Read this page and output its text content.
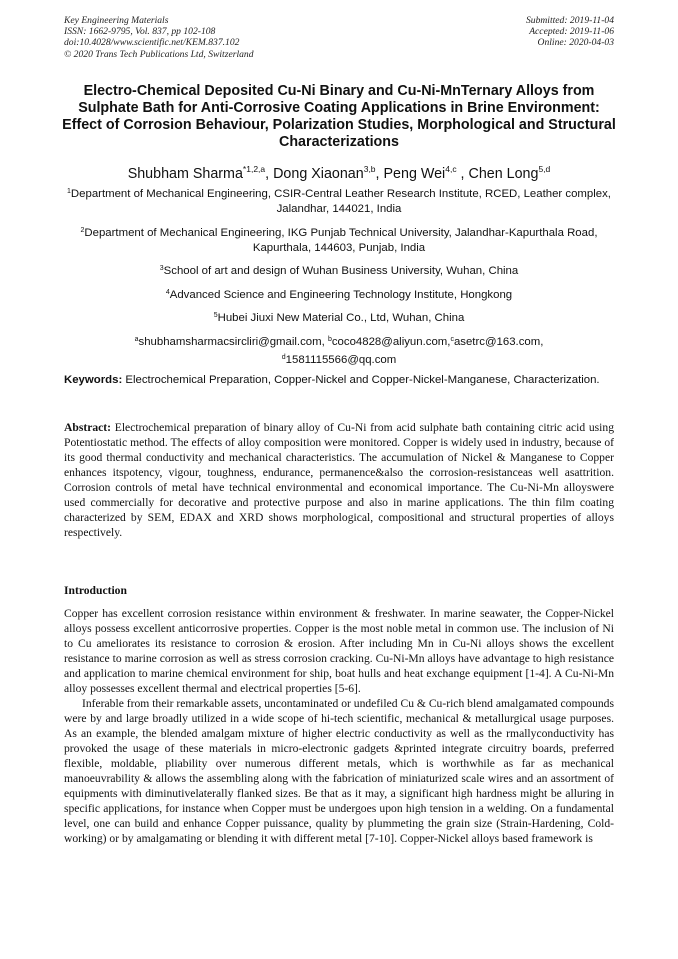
Key Engineering Materials
ISSN: 1662-9795, Vol. 837, pp 102-108
doi:10.4028/www.scientific.net/KEM.837.102
© 2020 Trans Tech Publications Ltd, Switzerland
Submitted: 2019-11-04
Accepted: 2019-11-06
Online: 2020-04-03
Electro-Chemical Deposited Cu-Ni Binary and Cu-Ni-MnTernary Alloys from Sulphate Bath for Anti-Corrosive Coating Applications in Brine Environment: Effect of Corrosion Behaviour, Polarization Studies, Morphological and Structural Characterizations
Shubham Sharma$^{*1,2,a}$, Dong Xiaonan$^{3,b}$, Peng Wei$^{4,c}$ , Chen Long$^{5,d}$
$^1$Department of Mechanical Engineering, CSIR-Central Leather Research Institute, RCED, Leather complex, Jalandhar, 144021, India
$^2$Department of Mechanical Engineering, IKG Punjab Technical University, Jalandhar-Kapurthala Road, Kapurthala, 144603, Punjab, India
$^3$School of art and design of Wuhan Business University, Wuhan, China
$^4$Advanced Science and Engineering Technology Institute, Hongkong
$^5$Hubei Jiuxi New Material Co., Ltd, Wuhan, China
$^a$shubhamsharmacsircliri@gmail.com, $^b$coco4828@aliyun.com,$^c$asetrc@163.com,
$^d$1581115566@qq.com
Keywords: Electrochemical Preparation, Copper-Nickel and Copper-Nickel-Manganese, Characterization.
Abstract: Electrochemical preparation of binary alloy of Cu-Ni from acid sulphate bath containing citric acid using Potentiostatic method. The effects of alloy composition were monitored. Copper is widely used in industry, because of its good thermal conductivity and mechanical characteristics. The accumulation of Nickel & Manganese to Copper enhances itspotency, vigour, toughness, endurance, permanence&also the corrosion-resistanceas well asattrition. Corrosion controls of metal have technical environmental and economical importance. The Cu-Ni-Mn alloyswere used commercially for decorative and protective purpose and also in marine applications. The thin film coating characterized by SEM, EDAX and XRD shows morphological, compositional and structural properties of alloys respectively.
Introduction

Copper has excellent corrosion resistance within environment & freshwater. In marine seawater, the Copper-Nickel alloys possess excellent anticorrosive properties. Copper is the most noble metal in common use. The inclusion of Ni to Cu ameliorates its resistance to corrosion & erosion. After including Mn in Cu-Ni alloys shows the excellent resistance to marine corrosion as well as stress corrosion cracking. Cu-Ni-Mn alloys have advantage to high resistance and application to marine chemical environment for ship, boat hulls and heat exchange equipment [1-4]. A Cu-Ni-Mn alloy possesses excellent thermal and electrical properties [5-6].

Inferable from their remarkable assets, uncontaminated or undefiled Cu & Cu-rich blend amalgamated compounds were by and large broadly utilized in a wide scope of hi-tech scientific, mechanical & metallurgical usage purposes. As an example, the blended amalgam mixture of higher electric conductivity as well as the rmallyconductivity has provoked the usage of these materials in micro-electronic gadgets &printed integrate circuitry boards, preferred flexible, moldable, pliability over numerous different metals, which is worthwhile as far as mechanical manoeuvrability & allows the assembling along with the fabrication of miniaturized scale wires and an assortment of equipments with diminutivelaterally flanked sizes. Be that as it may, a significant high hardness might be alluring in specific applications, for instance when Copper must be undergoes upon high tension in a welding. On a fundamental level, one can build and enhance Copper puissance, quality by plummeting the grain size (Strain-Hardening, Cold-working) or by amalgamating or blending it with different metal [7-10]. Copper-Nickel alloys based framework is
